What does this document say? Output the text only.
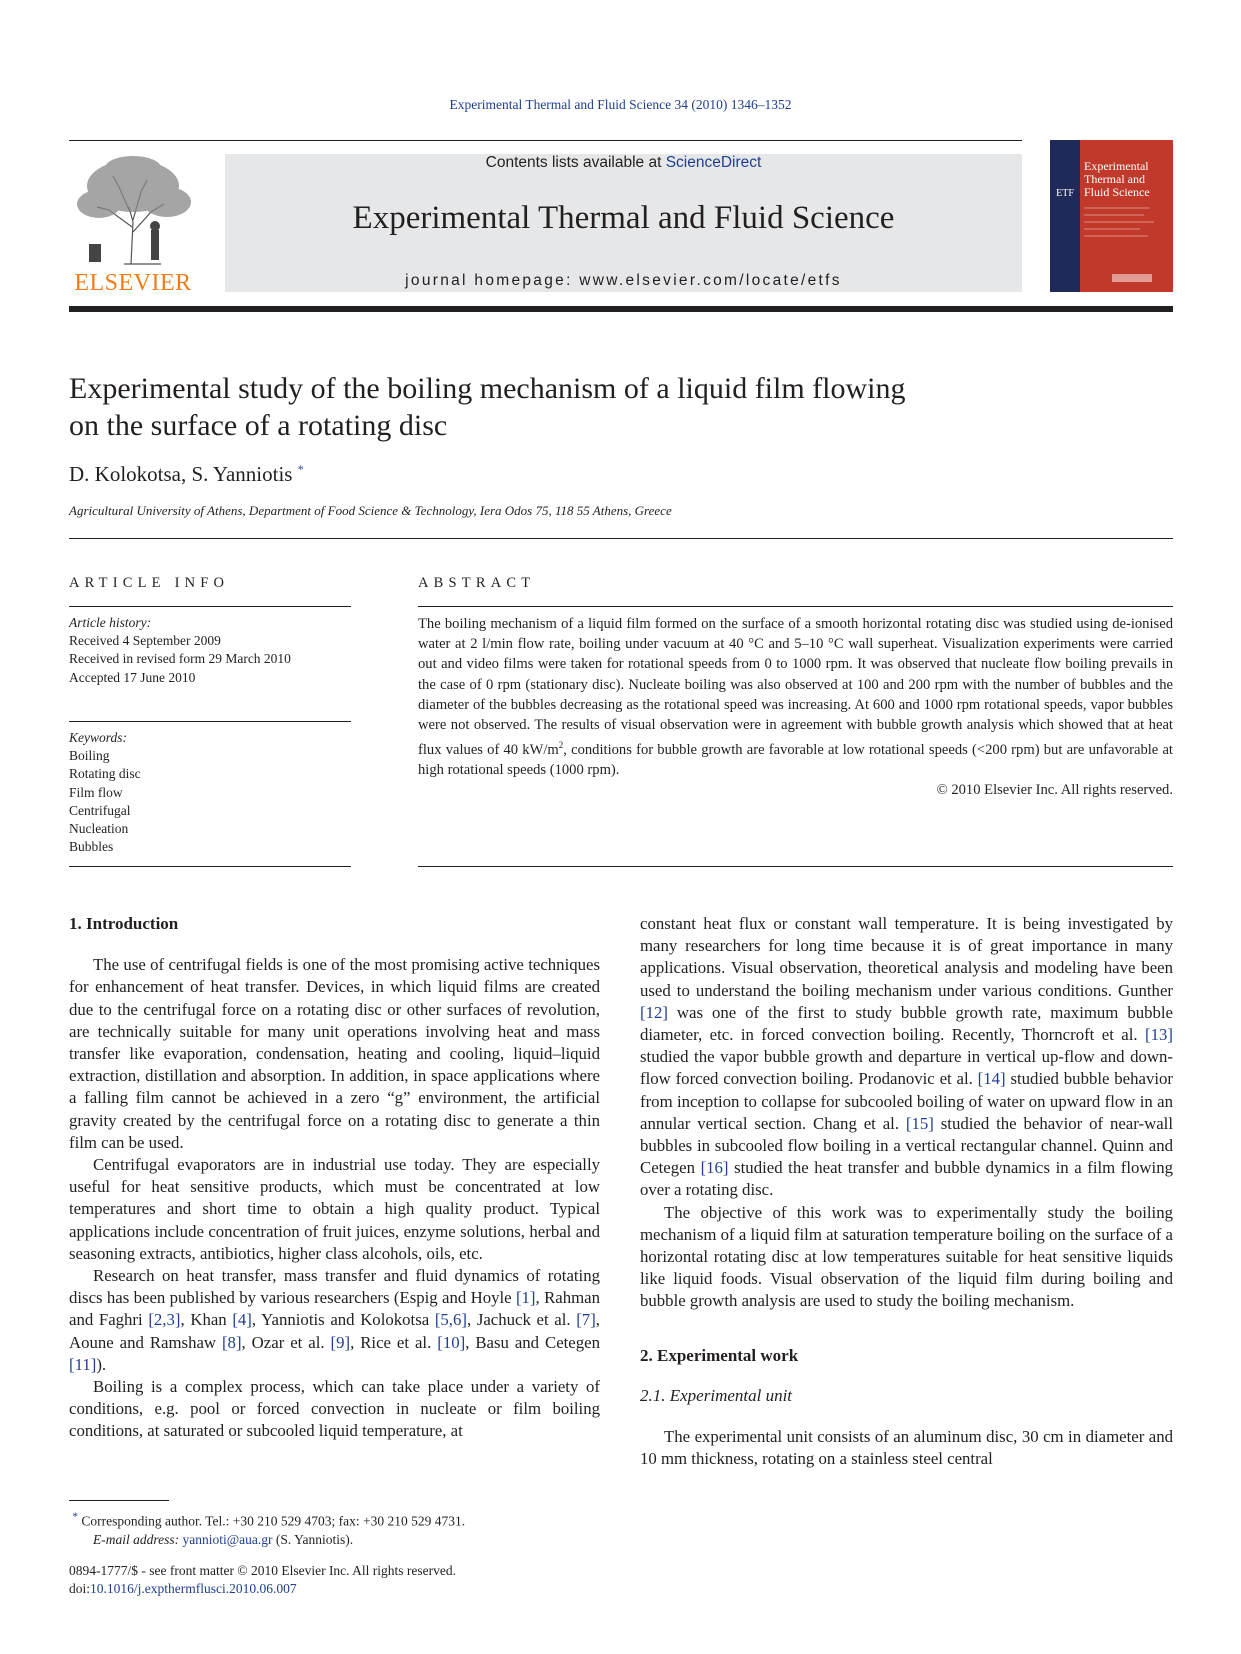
Experimental Thermal and Fluid Science 34 (2010) 1346–1352
ELSEVIER
Contents lists available at ScienceDirect
Experimental Thermal and Fluid Science
journal homepage: www.elsevier.com/locate/etfs
ETF
Experimental
Thermal and
Fluid Science
Experimental study of the boiling mechanism of a liquid film flowing
on the surface of a rotating disc
D. Kolokotsa, S. Yanniotis *
Agricultural University of Athens, Department of Food Science & Technology, Iera Odos 75, 118 55 Athens, Greece
ARTICLE INFO
Article history:
Received 4 September 2009
Received in revised form 29 March 2010
Accepted 17 June 2010
Keywords:
Boiling
Rotating disc
Film flow
Centrifugal
Nucleation
Bubbles
ABSTRACT
The boiling mechanism of a liquid film formed on the surface of a smooth horizontal rotating disc was studied using de-ionised water at 2 l/min flow rate, boiling under vacuum at 40 °C and 5–10 °C wall superheat. Visualization experiments were carried out and video films were taken for rotational speeds from 0 to 1000 rpm. It was observed that nucleate flow boiling prevails in the case of 0 rpm (stationary disc). Nucleate boiling was also observed at 100 and 200 rpm with the number of bubbles and the diameter of the bubbles decreasing as the rotational speed was increasing. At 600 and 1000 rpm rotational speeds, vapor bubbles were not observed. The results of visual observation were in agreement with bubble growth analysis which showed that at heat flux values of 40 $kW/m^2$, conditions for bubble growth are favorable at low rotational speeds (<200 rpm) but are unfavorable at high rotational speeds (1000 rpm).
© 2010 Elsevier Inc. All rights reserved.
1. Introduction

The use of centrifugal fields is one of the most promising active techniques for enhancement of heat transfer. Devices, in which liquid films are created due to the centrifugal force on a rotating disc or other surfaces of revolution, are technically suitable for many unit operations involving heat and mass transfer like evaporation, condensation, heating and cooling, liquid–liquid extraction, distillation and absorption. In addition, in space applications where a falling film cannot be achieved in a zero “g” environment, the artificial gravity created by the centrifugal force on a rotating disc to generate a thin film can be used.

Centrifugal evaporators are in industrial use today. They are especially useful for heat sensitive products, which must be concentrated at low temperatures and short time to obtain a high quality product. Typical applications include concentration of fruit juices, enzyme solutions, herbal and seasoning extracts, antibiotics, higher class alcohols, oils, etc.

Research on heat transfer, mass transfer and fluid dynamics of rotating discs has been published by various researchers (Espig and Hoyle [1], Rahman and Faghri [2,3], Khan [4], Yanniotis and Kolokotsa [5,6], Jachuck et al. [7], Aoune and Ramshaw [8], Ozar et al. [9], Rice et al. [10], Basu and Cetegen [11]).

Boiling is a complex process, which can take place under a variety of conditions, e.g. pool or forced convection in nucleate or film boiling conditions, at saturated or subcooled liquid temperature, at

* Corresponding author. Tel.: +30 210 529 4703; fax: +30 210 529 4731.
E-mail address: yannioti@aua.gr (S. Yanniotis).
0894-1777/$ - see front matter © 2010 Elsevier Inc. All rights reserved.
doi:10.1016/j.expthermflusci.2010.06.007

constant heat flux or constant wall temperature. It is being investigated by many researchers for long time because it is of great importance in many applications. Visual observation, theoretical analysis and modeling have been used to understand the boiling mechanism under various conditions. Gunther [12] was one of the first to study bubble growth rate, maximum bubble diameter, etc. in forced convection boiling. Recently, Thorncroft et al. [13] studied the vapor bubble growth and departure in vertical up-flow and down-flow forced convection boiling. Prodanovic et al. [14] studied bubble behavior from inception to collapse for subcooled boiling of water on upward flow in an annular vertical section. Chang et al. [15] studied the behavior of near-wall bubbles in subcooled flow boiling in a vertical rectangular channel. Quinn and Cetegen [16] studied the heat transfer and bubble dynamics in a film flowing over a rotating disc.

The objective of this work was to experimentally study the boiling mechanism of a liquid film at saturation temperature boiling on the surface of a horizontal rotating disc at low temperatures suitable for heat sensitive liquids like liquid foods. Visual observation of the liquid film during boiling and bubble growth analysis are used to study the boiling mechanism.

2. Experimental work
2.1. Experimental unit

The experimental unit consists of an aluminum disc, 30 cm in diameter and 10 mm thickness, rotating on a stainless steel central
